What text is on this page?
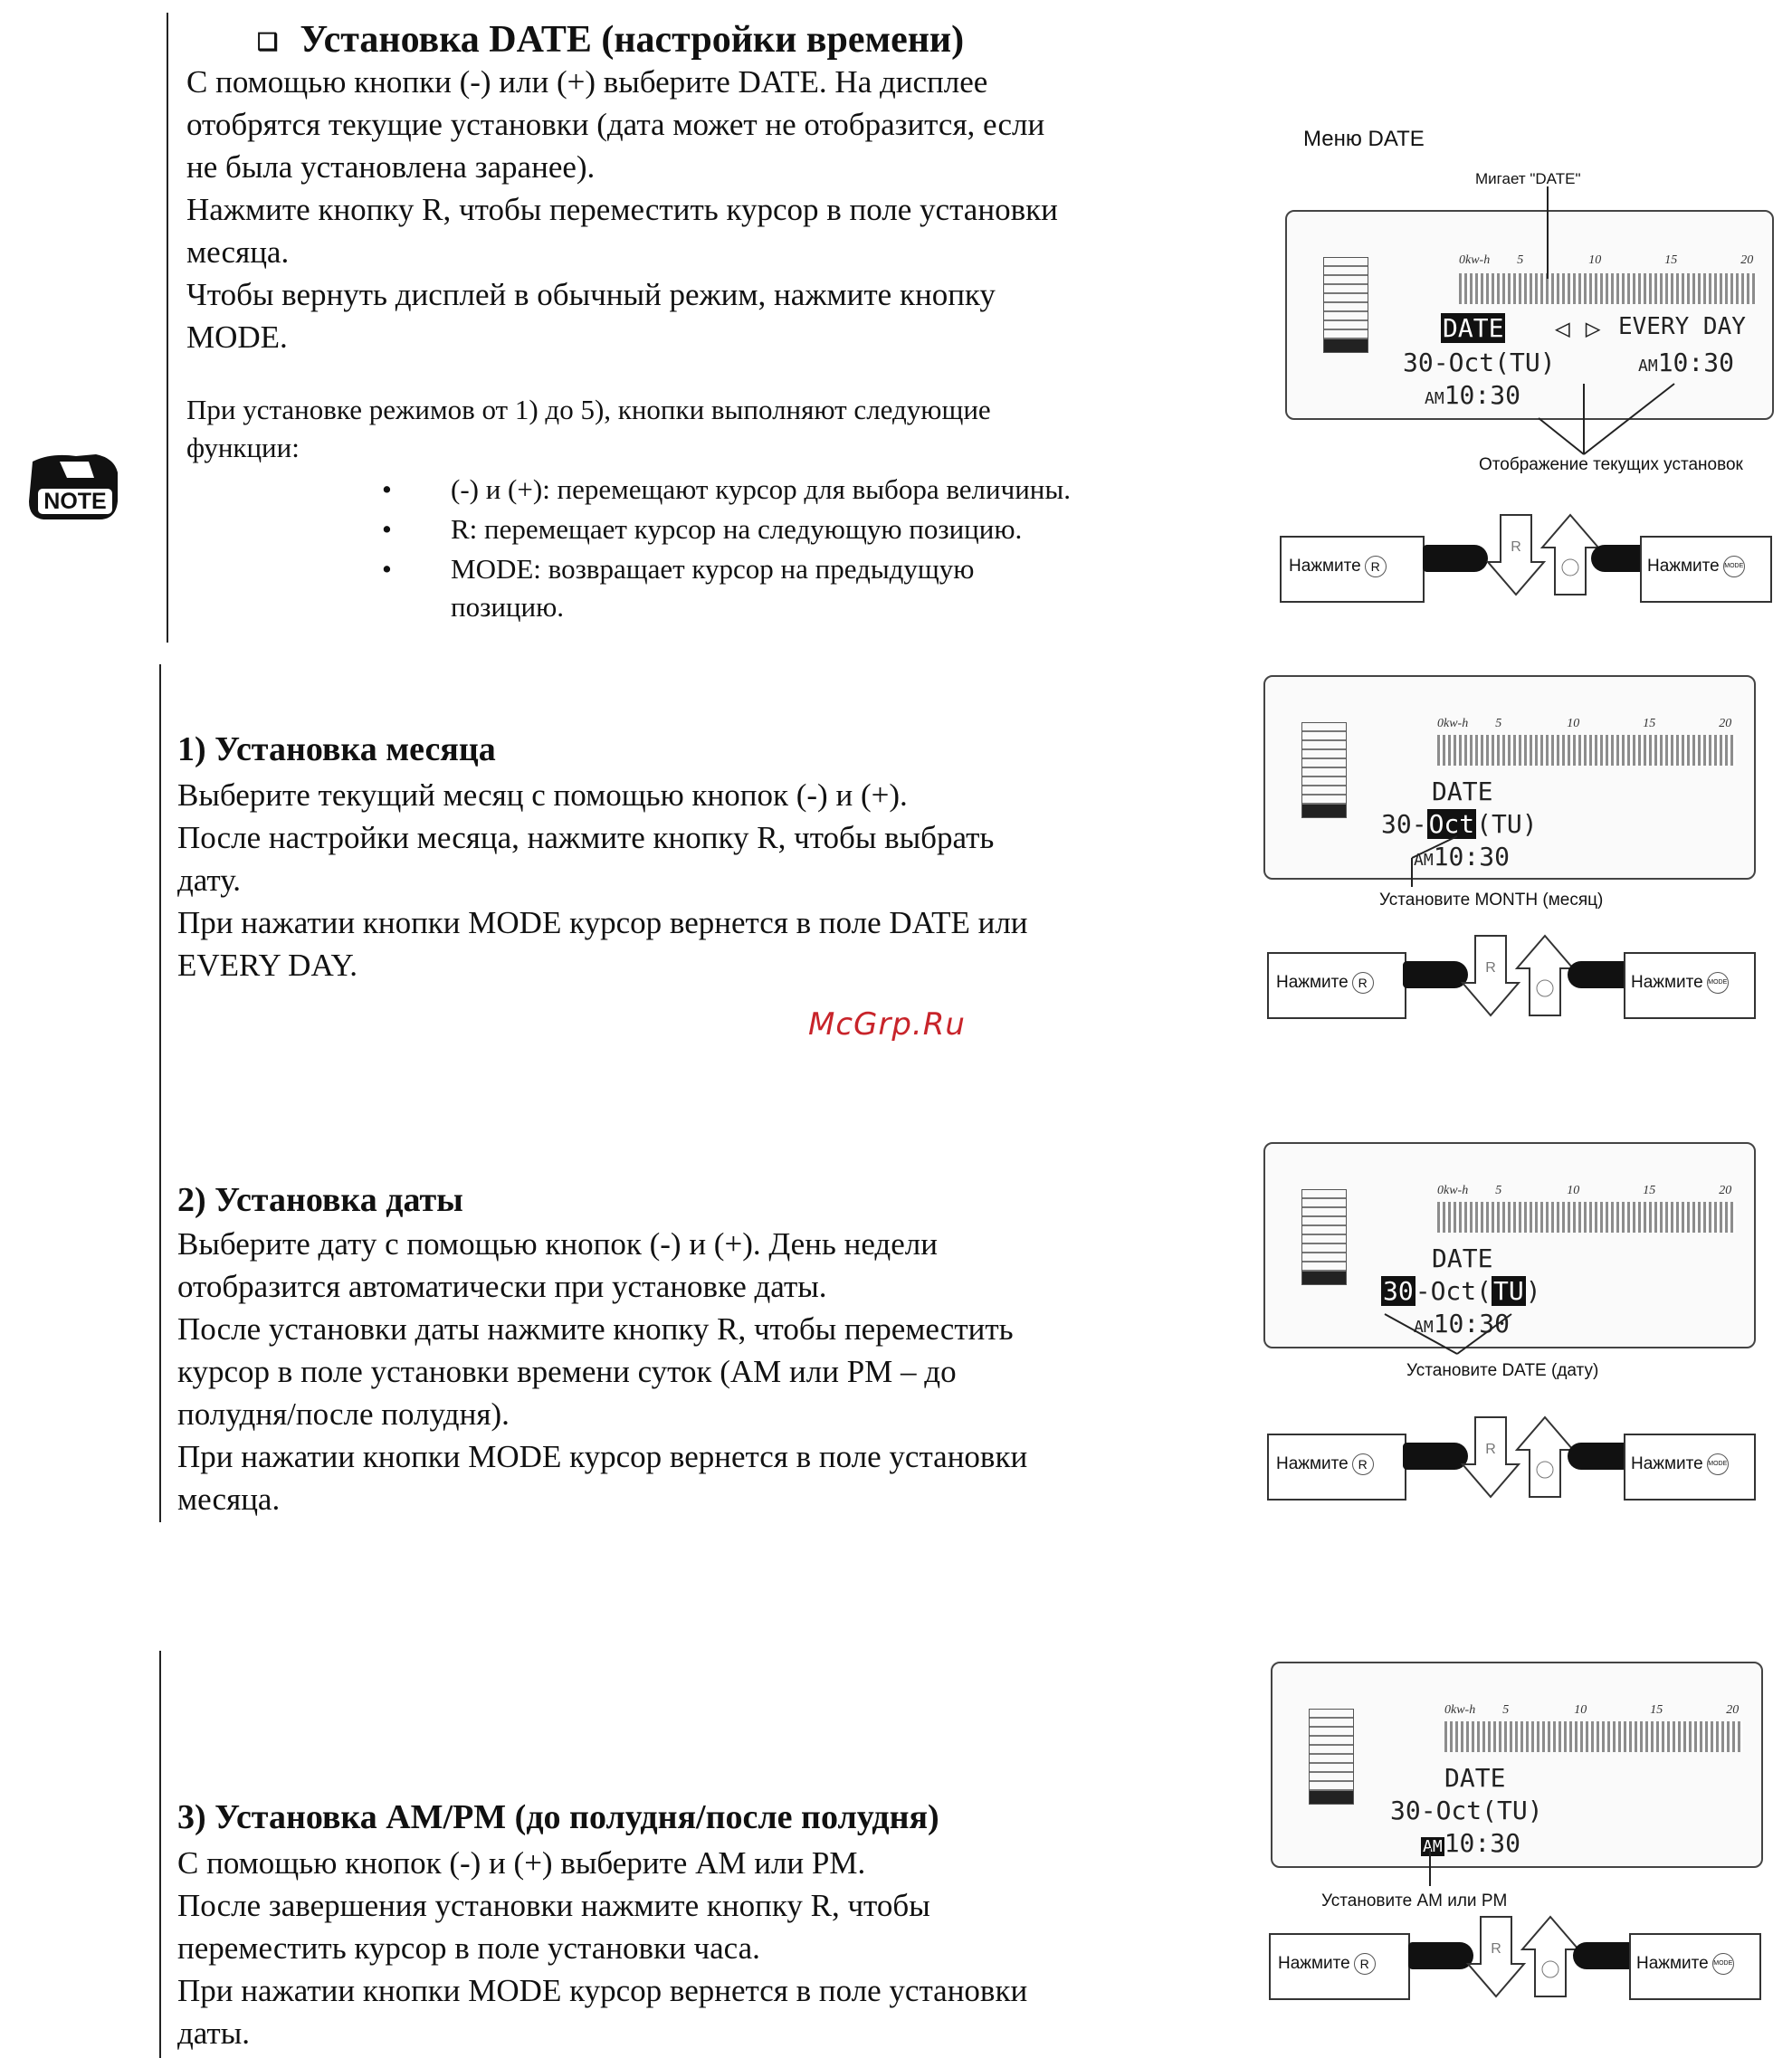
❑ Установка DATE (настройки времени)
С помощью кнопки (-) или (+) выберите DATE. На дисплее
отобрятся текущие установки (дата может не отобразится, если
не была установлена заранее).
Нажмите кнопку R, чтобы переместить курсор в поле установки
месяца.
Чтобы вернуть дисплей в обычный режим, нажмите кнопку
MODE.
NOTE
При установке режимов от 1) до 5), кнопки выполняют следующие
функции:
• (-) и (+): перемещают курсор для выбора величины.
• R: перемещает курсор на следующую позицию.
• MODE: возвращает курсор на предыдущую
позицию.
1) Установка месяца
Выберите текущий месяц с помощью кнопок (-) и (+).
После настройки месяца, нажмите кнопку R, чтобы выбрать
дату.
При нажатии кнопки MODE курсор вернется в поле DATE или
EVERY DAY.
McGrp.Ru
2) Установка даты
Выберите дату с помощью кнопок (-) и (+). День недели
отобразится автоматически при установке даты.
После установки даты нажмите кнопку R, чтобы переместить
курсор в поле установки времени суток (AM или PM – до
полудня/после полудня).
При нажатии кнопки MODE курсор вернется в поле установки
месяца.
3) Установка AM/PM (до полудня/после полудня)
С помощью кнопок (-) и (+) выберите AM или PM.
После завершения установки нажмите кнопку R, чтобы
переместить курсор в поле установки часа.
При нажатии кнопки MODE курсор вернется в поле установки
даты.
Меню DATE
Мигает "DATE"
0kw-h 5	10	15	20
DATE ◁ ▷ EVERY DAY
30-Oct(TU)	AM10:30
AM10:30
Отображение текущих установок
Нажмите R
R
Нажмите MODE
0kw-h 5	10	15	20
DATE
30-Oct(TU)
AM10:30
Установите MONTH (месяц)
Нажмите R
R
Нажмите MODE
0kw-h 5	10	15	20
DATE
30-Oct(TU)
AM10:30
Установите DATE (дату)
Нажмите R
R
Нажмите MODE
0kw-h 5	10	15	20
DATE
30-Oct(TU)
AM10:30
Установите AM или PM
Нажмите R
R
Нажмите MODE
